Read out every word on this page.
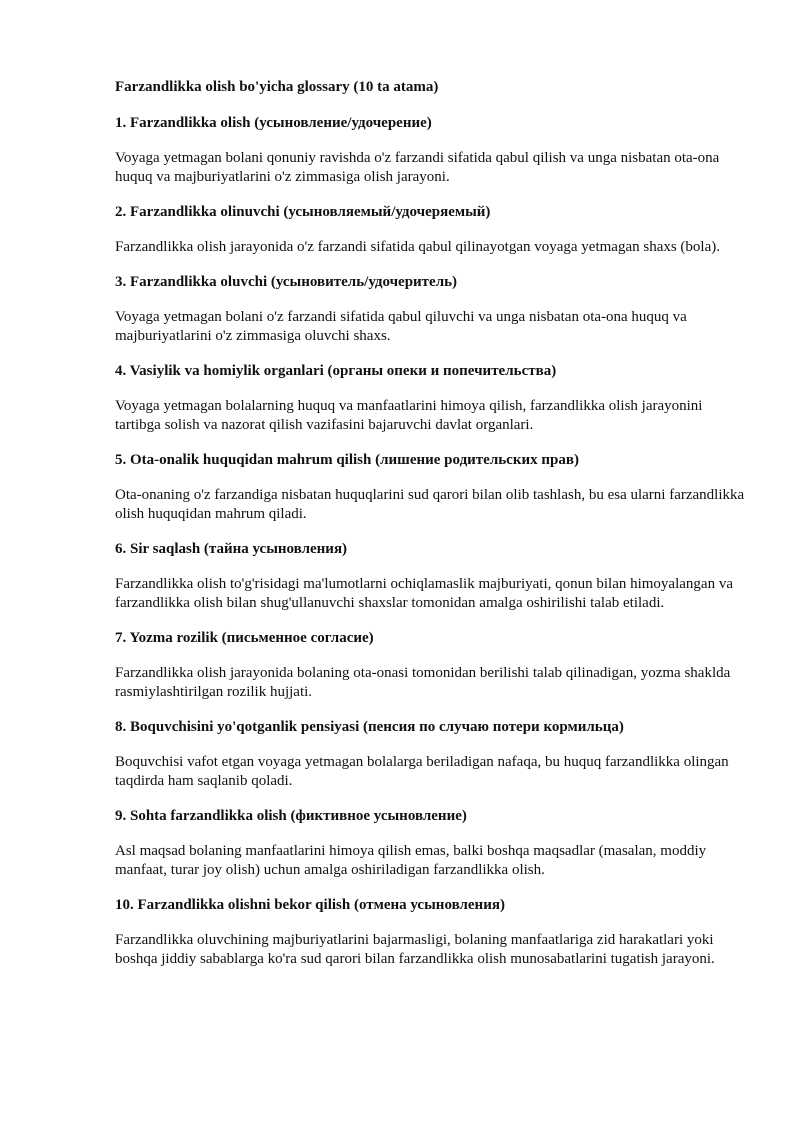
Farzandlikka olish bo'yicha glossary (10 ta atama)

1. Farzandlikka olish (усыновление/удочерение)

Voyaga yetmagan bolani qonuniy ravishda o'z farzandi sifatida qabul qilish va unga nisbatan ota-ona huquq va majburiyatlarini o'z zimmasiga olish jarayoni.

2. Farzandlikka olinuvchi (усыновляемый/удочеряемый)

Farzandlikka olish jarayonida o'z farzandi sifatida qabul qilinayotgan voyaga yetmagan shaxs (bola).

3. Farzandlikka oluvchi (усыновитель/удочеритель)

Voyaga yetmagan bolani o'z farzandi sifatida qabul qiluvchi va unga nisbatan ota-ona huquq va majburiyatlarini o'z zimmasiga oluvchi shaxs.

4. Vasiylik va homiylik organlari (органы опеки и попечительства)

Voyaga yetmagan bolalarning huquq va manfaatlarini himoya qilish, farzandlikka olish jarayonini tartibga solish va nazorat qilish vazifasini bajaruvchi davlat organlari.

5. Ota-onalik huquqidan mahrum qilish (лишение родительских прав)

Ota-onaning o'z farzandiga nisbatan huquqlarini sud qarori bilan olib tashlash, bu esa ularni farzandlikka olish huquqidan mahrum qiladi.

6. Sir saqlash (тайна усыновления)

Farzandlikka olish to'g'risidagi ma'lumotlarni ochiqlamaslik majburiyati, qonun bilan himoyalangan va farzandlikka olish bilan shug'ullanuvchi shaxslar tomonidan amalga oshirilishi talab etiladi.

7. Yozma rozilik (письменное согласие)

Farzandlikka olish jarayonida bolaning ota-onasi tomonidan berilishi talab qilinadigan, yozma shaklda rasmiylashtirilgan rozilik hujjati.

8. Boquvchisini yo'qotganlik pensiyasi (пенсия по случаю потери кормильца)

Boquvchisi vafot etgan voyaga yetmagan bolalarga beriladigan nafaqa, bu huquq farzandlikka olingan taqdirda ham saqlanib qoladi.

9. Sohta farzandlikka olish (фиктивное усыновление)

Asl maqsad bolaning manfaatlarini himoya qilish emas, balki boshqa maqsadlar (masalan, moddiy manfaat, turar joy olish) uchun amalga oshiriladigan farzandlikka olish.

10. Farzandlikka olishni bekor qilish (отмена усыновления)

Farzandlikka oluvchining majburiyatlarini bajarmasligi, bolaning manfaatlariga zid harakatlari yoki boshqa jiddiy sabablarga ko'ra sud qarori bilan farzandlikka olish munosabatlarini tugatish jarayoni.
